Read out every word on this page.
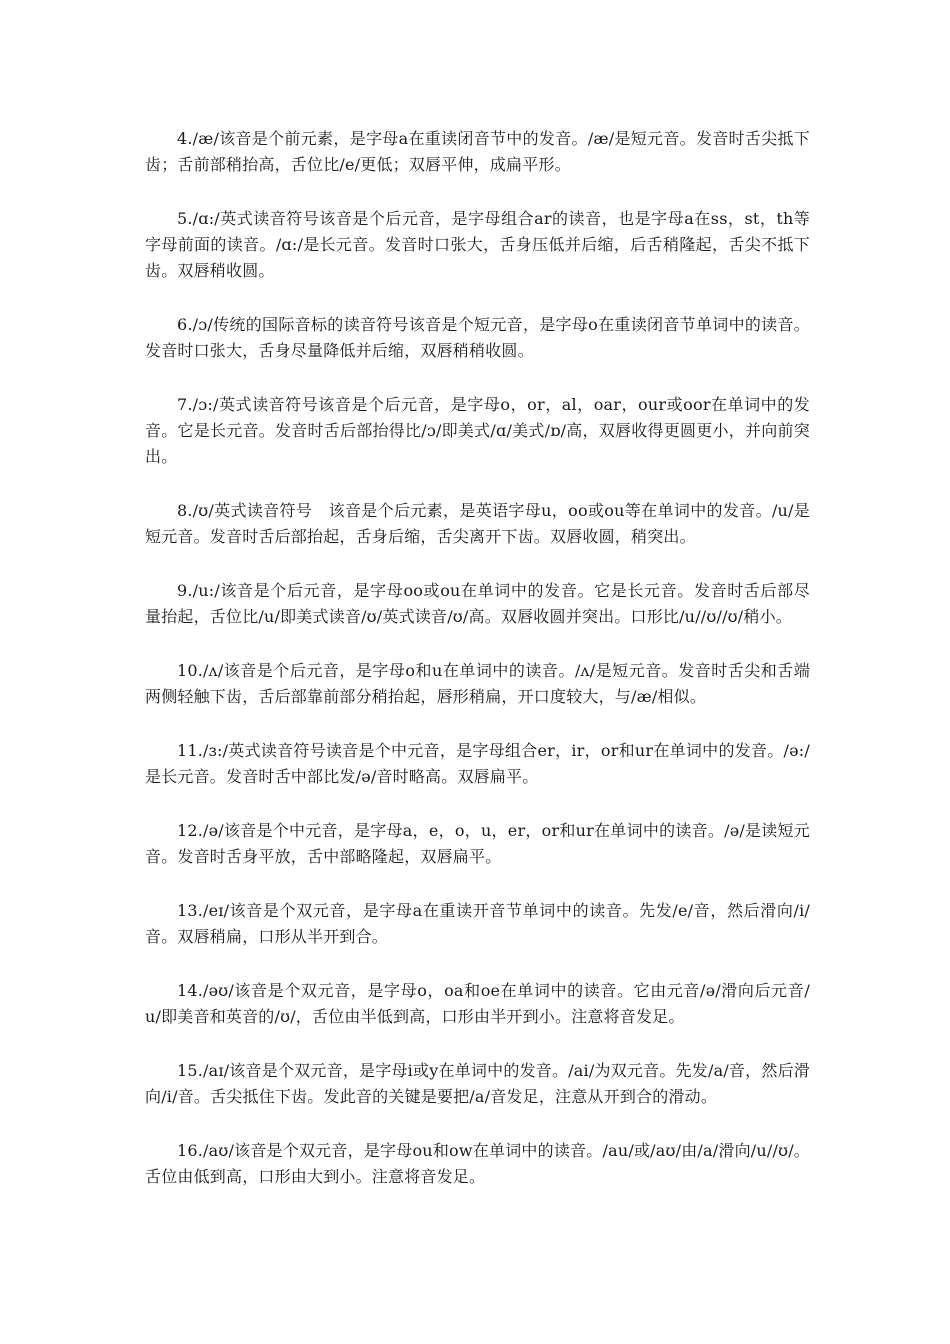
4./æ/该音是个前元素，是字母a在重读闭音节中的发音。/æ/是短元音。发音时舌尖抵下齿；舌前部稍抬高，舌位比/e/更低；双唇平伸，成扁平形。

5./ɑ:/英式读音符号该音是个后元音，是字母组合ar的读音，也是字母a在ss，st，th等字母前面的读音。/ɑ:/是长元音。发音时口张大，舌身压低并后缩，后舌稍隆起，舌尖不抵下齿。双唇稍收圆。

6./ɔ/传统的国际音标的读音符号该音是个短元音，是字母o在重读闭音节单词中的读音。发音时口张大，舌身尽量降低并后缩，双唇稍稍收圆。

7./ɔ:/英式读音符号该音是个后元音，是字母o，or，al，oar，our或oor在单词中的发音。它是长元音。发音时舌后部抬得比/ɔ/即美式/ɑ/美式/ɒ/高，双唇收得更圆更小，并向前突出。

8./ʊ/英式读音符号　该音是个后元素，是英语字母u，oo或ou等在单词中的发音。/u/是短元音。发音时舌后部抬起，舌身后缩，舌尖离开下齿。双唇收圆，稍突出。

9./u:/该音是个后元音，是字母oo或ou在单词中的发音。它是长元音。发音时舌后部尽量抬起，舌位比/u/即美式读音/ʊ/英式读音/ʊ/高。双唇收圆并突出。口形比/u//ʊ//ʊ/稍小。

10./ʌ/该音是个后元音，是字母o和u在单词中的读音。/ʌ/是短元音。发音时舌尖和舌端两侧轻触下齿，舌后部靠前部分稍抬起，唇形稍扁，开口度较大，与/æ/相似。

11./ɜ:/英式读音符号读音是个中元音，是字母组合er，ir，or和ur在单词中的发音。/ə:/是长元音。发音时舌中部比发/ə/音时略高。双唇扁平。

12./ə/该音是个中元音，是字母a，e，o，u，er，or和ur在单词中的读音。/ə/是读短元音。发音时舌身平放，舌中部略隆起，双唇扁平。

13./eɪ/该音是个双元音，是字母a在重读开音节单词中的读音。先发/e/音，然后滑向/i/音。双唇稍扁，口形从半开到合。

14./əʊ/该音是个双元音，是字母o，oa和oe在单词中的读音。它由元音/ə/滑向后元音/u/即美音和英音的/ʊ/，舌位由半低到高，口形由半开到小。注意将音发足。

15./aɪ/该音是个双元音，是字母i或y在单词中的发音。/ai/为双元音。先发/a/音，然后滑向/i/音。舌尖抵住下齿。发此音的关键是要把/a/音发足，注意从开到合的滑动。

16./aʊ/该音是个双元音，是字母ou和ow在单词中的读音。/au/或/aʊ/由/a/滑向/u//ʊ/。舌位由低到高，口形由大到小。注意将音发足。
